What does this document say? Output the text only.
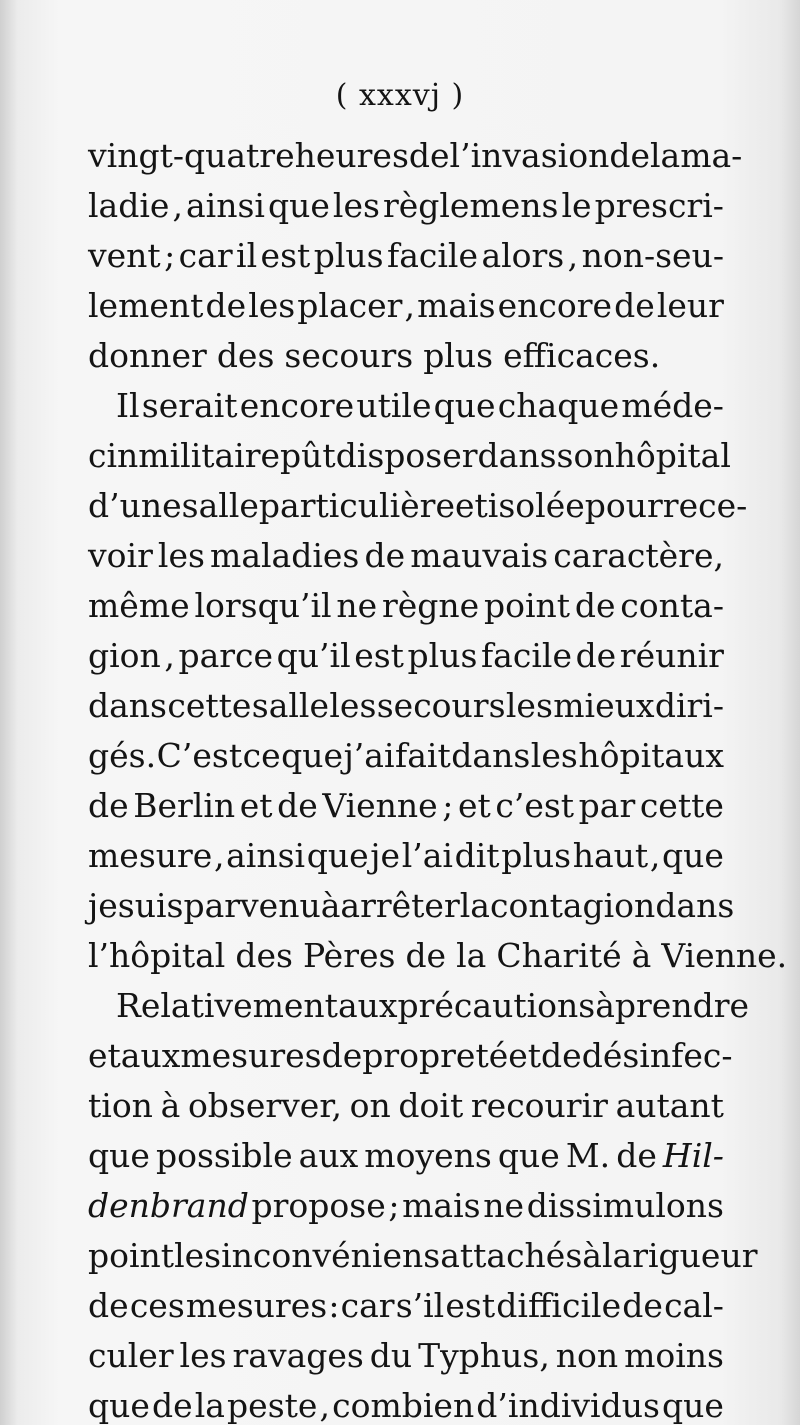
( xxxvj )
vingt-quatre heures de l’invasion de la ma-
ladie , ainsi que les règlemens le prescri-
vent ; car il est plus facile alors , non-seu-
lement de les placer , mais encore de leur
donner des secours plus efficaces.
Il serait encore utile que chaque méde-
cin militaire pût disposer dans son hôpital
d’une salle particulière et isolée pour rece-
voir les maladies de mauvais caractère,
même lorsqu’il ne règne point de conta-
gion , parce qu’il est plus facile de réunir
dans cette salle les secours les mieux diri-
gés. C’est ce que j’ai fait dans les hôpitaux
de Berlin et de Vienne ; et c’est par cette
mesure , ainsi que je l’ai dit plus haut , que
je suis parvenu à arrêter la contagion dans
l’hôpital des Pères de la Charité à Vienne.
Relativement aux précautions à prendre
et aux mesures de propreté et de désinfec-
tion à observer, on doit recourir autant
que possible aux moyens que M. de Hil-
denbrand propose ; mais ne dissimulons
point les inconvéniens attachés à la rigueur
de ces mesures : car s’il est difficile de cal-
culer les ravages du Typhus, non moins
que de la peste , combien d’individus que
